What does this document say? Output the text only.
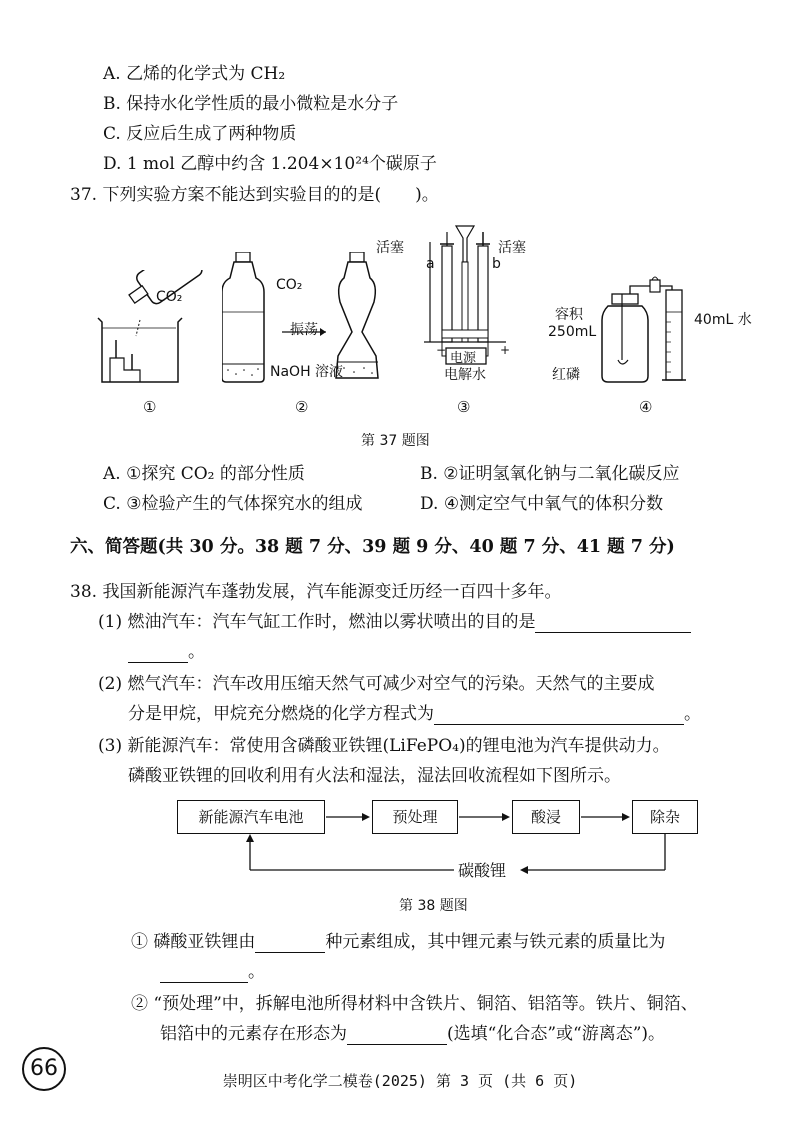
A. 乙烯的化学式为 CH₂
B. 保持水化学性质的最小微粒是水分子
C. 反应后生成了两种物质
D. 1 mol 乙醇中约含 1.204×10²⁴个碳原子
37. 下列实验方案不能达到实验目的的是(　　)。
CO₂
CO₂
振荡
NaOH 溶液
活塞	活塞
a	b
电源
−	+
电解水
容积
250mL
红磷
40mL 水
①	②	③	④
第 37 题图
A. ①探究 CO₂ 的部分性质	B. ②证明氢氧化钠与二氧化碳反应
C. ③检验产生的气体探究水的组成	D. ④测定空气中氧气的体积分数
六、简答题(共 30 分。38 题 7 分、39 题 9 分、40 题 7 分、41 题 7 分)
38. 我国新能源汽车蓬勃发展，汽车能源变迁历经一百四十多年。
(1) 燃油汽车：汽车气缸工作时，燃油以雾状喷出的目的是
。
(2) 燃气汽车：汽车改用压缩天然气可减少对空气的污染。天然气的主要成
分是甲烷，甲烷充分燃烧的化学方程式为	。
(3) 新能源汽车：常使用含磷酸亚铁锂(LiFePO₄)的锂电池为汽车提供动力。
磷酸亚铁锂的回收利用有火法和湿法，湿法回收流程如下图所示。
新能源汽车电池	预处理	酸浸	除杂
碳酸锂
第 38 题图
① 磷酸亚铁锂由	种元素组成，其中锂元素与铁元素的质量比为
。
② “预处理”中，拆解电池所得材料中含铁片、铜箔、铝箔等。铁片、铜箔、
铝箔中的元素存在形态为	(选填“化合态”或“游离态”)。
66	崇明区中考化学二模卷(2025) 第 3 页 (共 6 页)
